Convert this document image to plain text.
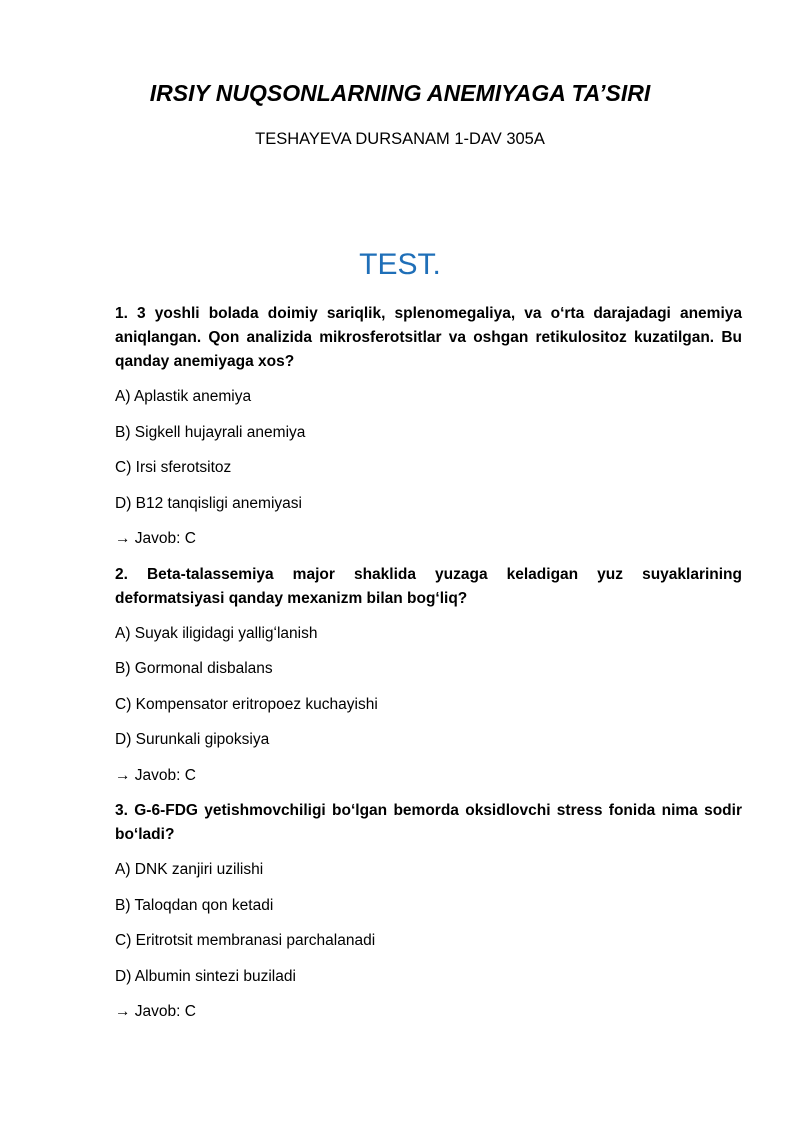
IRSIY NUQSONLARNING ANEMIYAGA TA’SIRI

TESHAYEVA DURSANAM 1-DAV 305A

TEST.

1. 3 yoshli bolada doimiy sariqlik, splenomegaliya, va oʻrta darajadagi anemiya aniqlangan. Qon analizida mikrosferotsitlar va oshgan retikulositoz kuzatilgan. Bu qanday anemiyaga xos?

A) Aplastik anemiya

B) Sigkell hujayrali anemiya

C) Irsi sferotsitoz

D) B12 tanqisligi anemiyasi

→ Javob: C

2. Beta-talassemiya major shaklida yuzaga keladigan yuz suyaklarining deformatsiyasi qanday mexanizm bilan bogʻliq?

A) Suyak iligidagi yalligʻlanish

B) Gormonal disbalans

C) Kompensator eritropoez kuchayishi

D) Surunkali gipoksiya

→ Javob: C

3. G-6-FDG yetishmovchiligi boʻlgan bemorda oksidlovchi stress fonida nima sodir boʻladi?

A) DNK zanjiri uzilishi

B) Taloqdan qon ketadi

C) Eritrotsit membranasi parchalanadi

D) Albumin sintezi buziladi

→ Javob: C
